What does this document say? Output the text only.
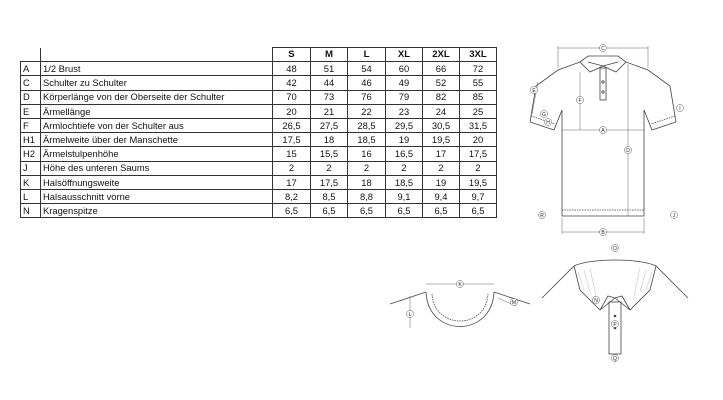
		S	M	L	XL	2XL	3XL
A	1/2 Brust	48	51	54	60	66	72
C	Schulter zu Schulter	42	44	46	49	52	55
D	Körperlänge von der Oberseite der Schulter	70	73	76	79	82	85
E	Ärmellänge	20	21	22	23	24	25
F	Armlochtiefe von der Schulter aus	26,5	27,5	28,5	29,5	30,5	31,5
H1	Ärmelweite über der Manschette	17,5	18	18,5	19	19,5	20
H2	Ärmelstulpenhöhe	15	15,5	16	16,5	17	17,5
J	Höhe des unteren Saums	2	2	2	2	2	2
K	Halsöffnungsweite	17	17,5	18	18,5	19	19,5
L	Halsausschnitt vorne	8,2	8,5	8,8	9,1	9,4	9,7
N	Kragenspitze	6,5	6,5	6,5	6,5	6,5	6,5
C
F
A
D
B
E
G
H
I
J
R
K
L
M
O
N
P
Q
